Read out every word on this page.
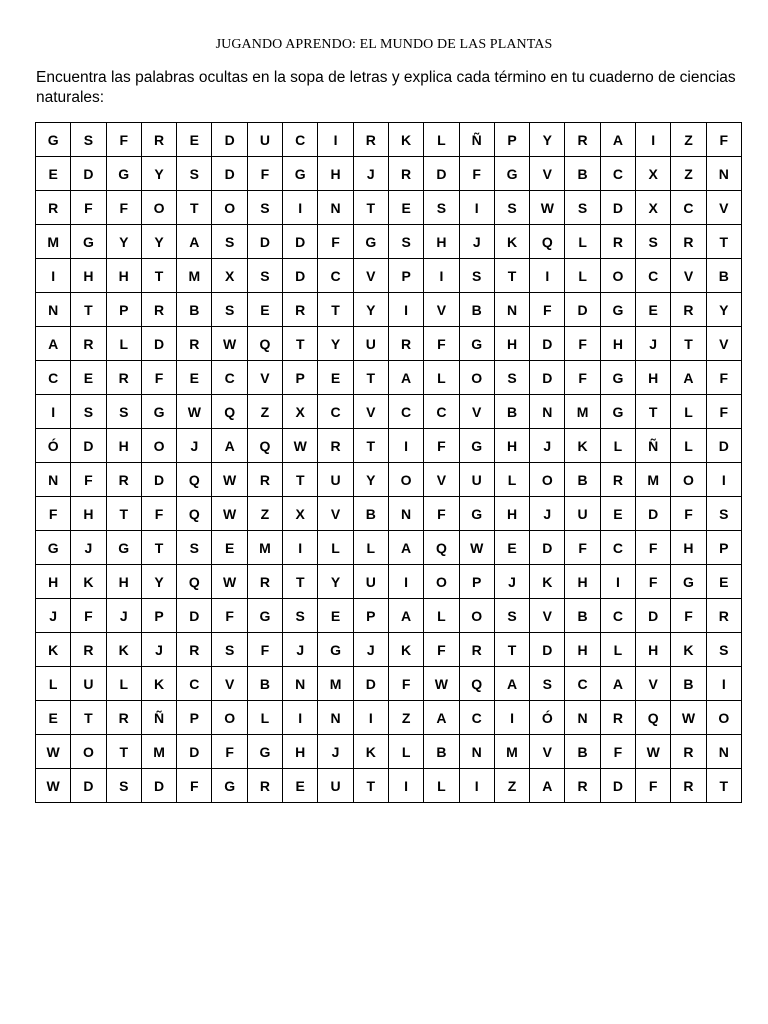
JUGANDO APRENDO: EL MUNDO DE LAS PLANTAS
Encuentra las palabras ocultas en la sopa de letras y explica cada término en tu cuaderno de ciencias naturales:
G	S	F	R	E	D	U	C	I	R	K	L	Ñ	P	Y	R	A	I	Z	F
E	D	G	Y	S	D	F	G	H	J	R	D	F	G	V	B	C	X	Z	N
R	F	F	O	T	O	S	I	N	T	E	S	I	S	W	S	D	X	C	V
M	G	Y	Y	A	S	D	D	F	G	S	H	J	K	Q	L	R	S	R	T
I	H	H	T	M	X	S	D	C	V	P	I	S	T	I	L	O	C	V	B
N	T	P	R	B	S	E	R	T	Y	I	V	B	N	F	D	G	E	R	Y
A	R	L	D	R	W	Q	T	Y	U	R	F	G	H	D	F	H	J	T	V
C	E	R	F	E	C	V	P	E	T	A	L	O	S	D	F	G	H	A	F
I	S	S	G	W	Q	Z	X	C	V	C	C	V	B	N	M	G	T	L	F
Ó	D	H	O	J	A	Q	W	R	T	I	F	G	H	J	K	L	Ñ	L	D
N	F	R	D	Q	W	R	T	U	Y	O	V	U	L	O	B	R	M	O	I
F	H	T	F	Q	W	Z	X	V	B	N	F	G	H	J	U	E	D	F	S
G	J	G	T	S	E	M	I	L	L	A	Q	W	E	D	F	C	F	H	P
H	K	H	Y	Q	W	R	T	Y	U	I	O	P	J	K	H	I	F	G	E
J	F	J	P	D	F	G	S	E	P	A	L	O	S	V	B	C	D	F	R
K	R	K	J	R	S	F	J	G	J	K	F	R	T	D	H	L	H	K	S
L	U	L	K	C	V	B	N	M	D	F	W	Q	A	S	C	A	V	B	I
E	T	R	Ñ	P	O	L	I	N	I	Z	A	C	I	Ó	N	R	Q	W	O
W	O	T	M	D	F	G	H	J	K	L	B	N	M	V	B	F	W	R	N
W	D	S	D	F	G	R	E	U	T	I	L	I	Z	A	R	D	F	R	T
